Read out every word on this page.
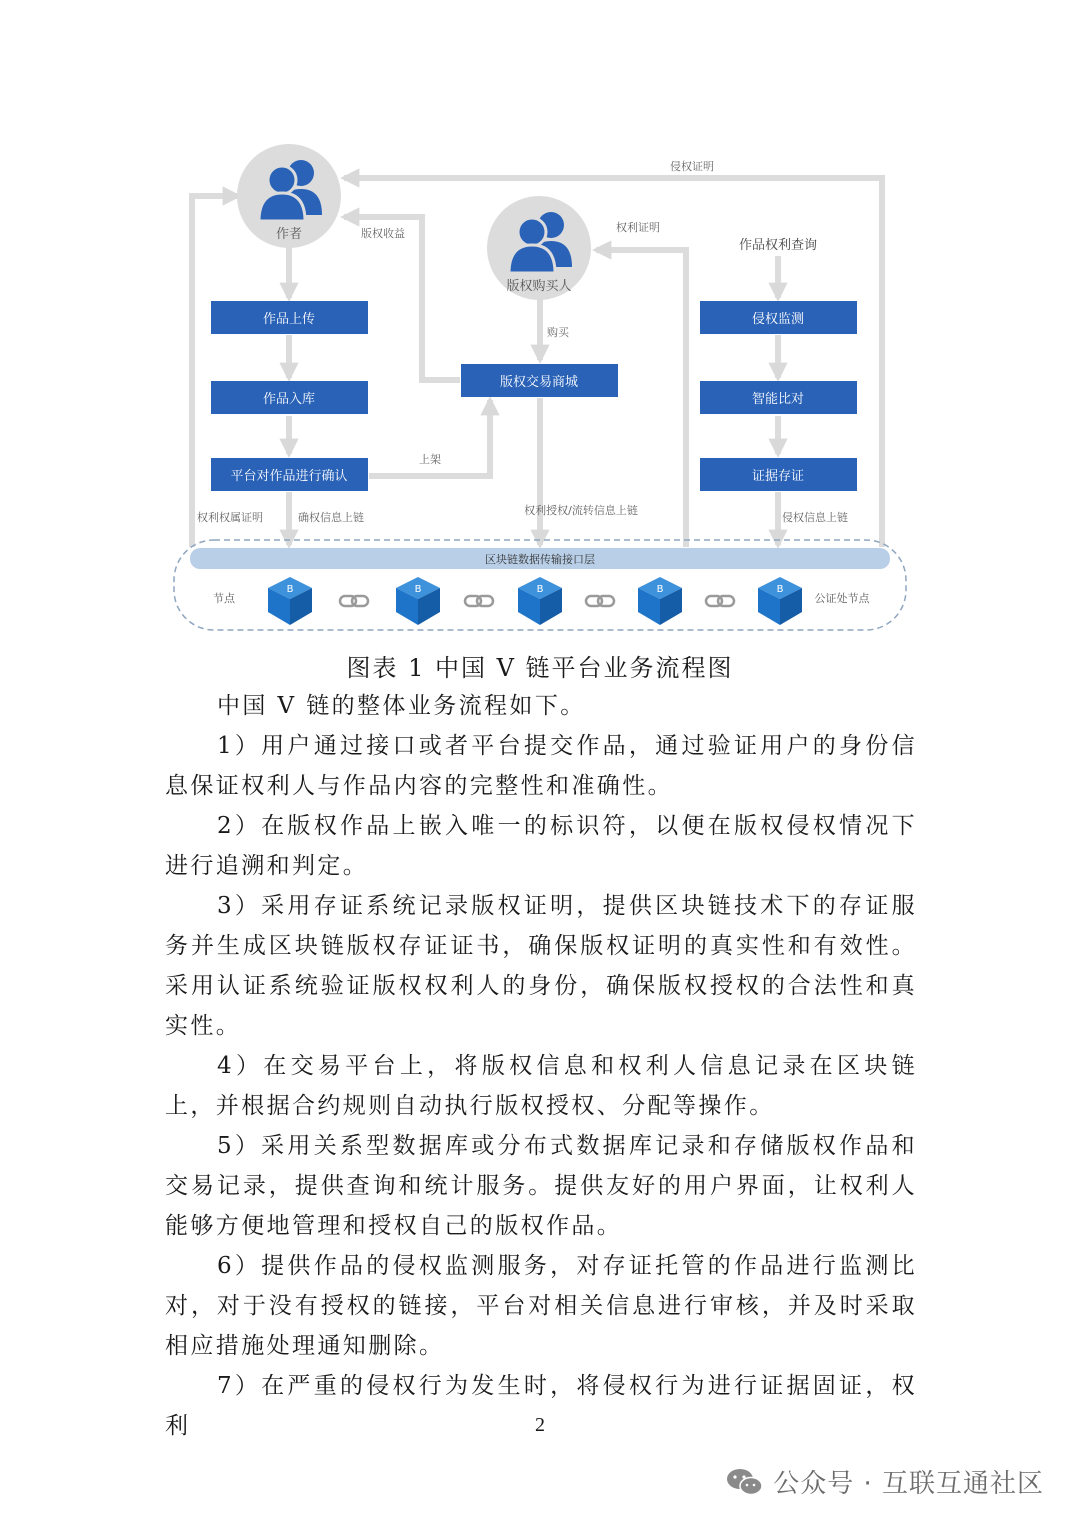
作者
版权购买人
作品上传
作品入库
平台对作品进行确认
版权交易商城
侵权监测
智能比对
证据存证
作品权利查询
侵权证明
版权收益	权利证明
购买
上架
权利权属证明	确权信息上链
权利授权/流转信息上链
侵权信息上链
区块链数据传输接口层
节点	公证处节点
B	B	B	B	B
图表 1 中国 V 链平台业务流程图

中国 V 链的整体业务流程如下。

1）用户通过接口或者平台提交作品，通过验证用户的身份信息保证权利人与作品内容的完整性和准确性。

2）在版权作品上嵌入唯一的标识符，以便在版权侵权情况下进行追溯和判定。

3）采用存证系统记录版权证明，提供区块链技术下的存证服务并生成区块链版权存证证书，确保版权证明的真实性和有效性。采用认证系统验证版权权利人的身份，确保版权授权的合法性和真实性。

4）在交易平台上，将版权信息和权利人信息记录在区块链上，并根据合约规则自动执行版权授权、分配等操作。

5）采用关系型数据库或分布式数据库记录和存储版权作品和交易记录，提供查询和统计服务。提供友好的用户界面，让权利人能够方便地管理和授权自己的版权作品。

6）提供作品的侵权监测服务，对存证托管的作品进行监测比对，对于没有授权的链接，平台对相关信息进行审核，并及时采取相应措施处理通知删除。

7）在严重的侵权行为发生时，将侵权行为进行证据固证，权利	2
公众号 · 互联互通社区
